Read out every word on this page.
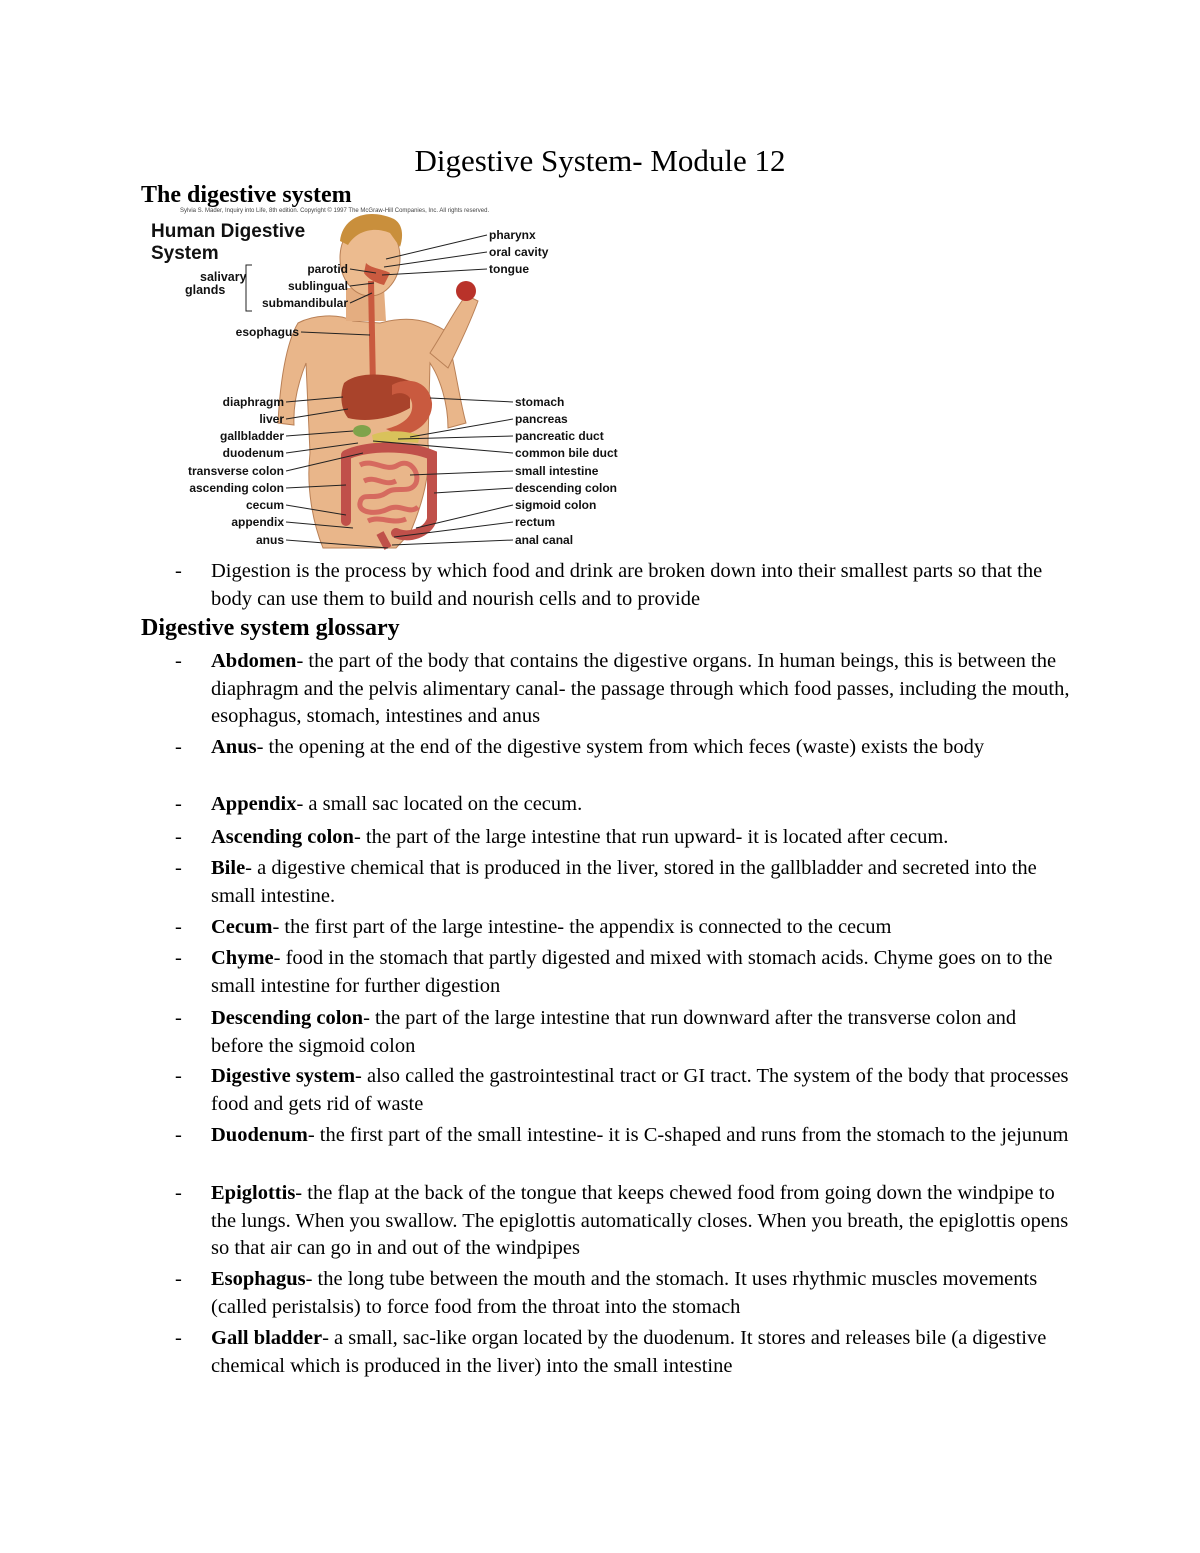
Digestive System- Module 12
The digestive system
Sylvia S. Mader, Inquiry into Life, 8th edition. Copyright © 1997 The McGraw-Hill Companies, Inc. All rights reserved.
Human Digestive
System
salivary
glands
parotid
sublingual
submandibular
esophagus
diaphragm
liver
gallbladder
duodenum
transverse colon
ascending colon
cecum
appendix
anus
pharynx
oral cavity
tongue
stomach
pancreas
pancreatic duct
common bile duct
small intestine
descending colon
sigmoid colon
rectum
anal canal
- Digestion is the process by which food and drink are broken down into their smallest parts so that the body can use them to build and nourish cells and to provide
Digestive system glossary
- Abdomen- the part of the body that contains the digestive organs. In human beings, this is between the diaphragm and the pelvis alimentary canal- the passage through which food passes, including the mouth, esophagus, stomach, intestines and anus
- Anus- the opening at the end of the digestive system from which feces (waste) exists the body
- Appendix- a small sac located on the cecum.
- Ascending colon- the part of the large intestine that run upward- it is located after cecum.
- Bile- a digestive chemical that is produced in the liver, stored in the gallbladder and secreted into the small intestine.
- Cecum- the first part of the large intestine- the appendix is connected to the cecum
- Chyme- food in the stomach that partly digested and mixed with stomach acids. Chyme goes on to the small intestine for further digestion
- Descending colon- the part of the large intestine that run downward after the transverse colon and before the sigmoid colon
- Digestive system- also called the gastrointestinal tract or GI tract. The system of the body that processes food and gets rid of waste
- Duodenum- the first part of the small intestine- it is C-shaped and runs from the stomach to the jejunum
- Epiglottis- the flap at the back of the tongue that keeps chewed food from going down the windpipe to the lungs. When you swallow. The epiglottis automatically closes. When you breath, the epiglottis opens so that air can go in and out of the windpipes
- Esophagus- the long tube between the mouth and the stomach. It uses rhythmic muscles movements (called peristalsis) to force food from the throat into the stomach
- Gall bladder- a small, sac-like organ located by the duodenum. It stores and releases bile (a digestive chemical which is produced in the liver) into the small intestine
